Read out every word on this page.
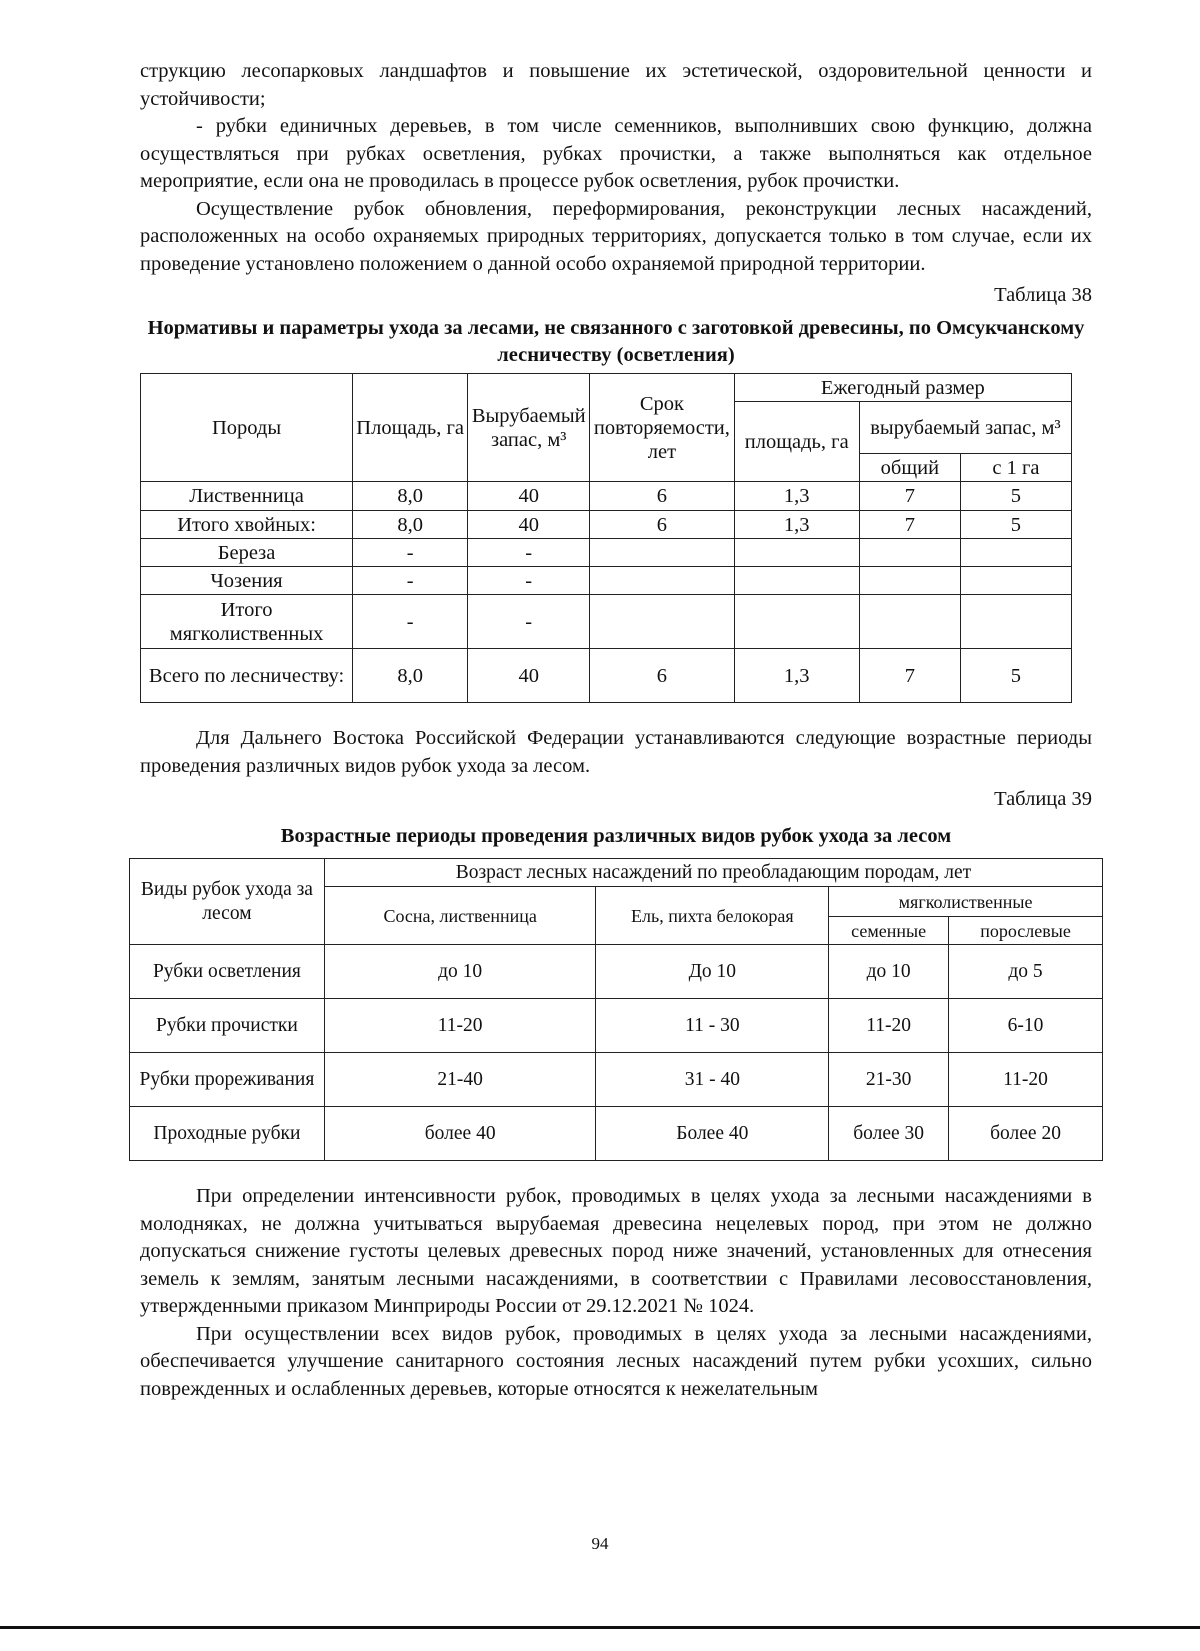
струкцию лесопарковых ландшафтов и повышение их эстетической, оздоровительной ценности и устойчивости;

- рубки единичных деревьев, в том числе семенников, выполнивших свою функцию, должна осуществляться при рубках осветления, рубках прочистки, а также выполняться как отдельное мероприятие, если она не проводилась в процессе рубок осветления, рубок прочистки.

Осуществление рубок обновления, переформирования, реконструкции лесных насаждений, расположенных на особо охраняемых природных территориях, допускается только в том случае, если их проведение установлено положением о данной особо охраняемой природной территории.

Таблица 38
Нормативы и параметры ухода за лесами, не связанного с заготовкой древесины, по Омсукчанскому лесничеству (осветления)
Породы	Площадь, га	Вырубаемый запас, м³	Срок повторяемости, лет	Ежегодный размер		
				площадь, га	вырубаемый запас, м³	
					общий	с 1 га
Лиственница	8,0	40	6	1,3	7	5
Итого хвойных:	8,0	40	6	1,3	7	5
Береза	-	-				
Чозения	-	-				
Итого мягколиственных	-	-				
Всего по лесничеству:	8,0	40	6	1,3	7	5

Для Дальнего Востока Российской Федерации устанавливаются следующие возрастные периоды проведения различных видов рубок ухода за лесом.

Таблица 39
Возрастные периоды проведения различных видов рубок ухода за лесом
Виды рубок ухода за лесом	Возраст лесных насаждений по преобладающим породам, лет			
	Сосна, лиственница	Ель, пихта белокорая	мягколиственные	
			семенные	порослевые
Рубки осветления	до 10	До 10	до 10	до 5
Рубки прочистки	11-20	11 - 30	11-20	6-10
Рубки прореживания	21-40	31 - 40	21-30	11-20
Проходные рубки	более 40	Более 40	более 30	более 20

При определении интенсивности рубок, проводимых в целях ухода за лесными насаждениями в молодняках, не должна учитываться вырубаемая древесина нецелевых пород, при этом не должно допускаться снижение густоты целевых древесных пород ниже значений, установленных для отнесения земель к землям, занятым лесными насаждениями, в соответствии с Правилами лесовосстановления, утвержденными приказом Минприроды России от 29.12.2021 № 1024.

При осуществлении всех видов рубок, проводимых в целях ухода за лесными насаждениями, обеспечивается улучшение санитарного состояния лесных насаждений путем рубки усохших, сильно поврежденных и ослабленных деревьев, которые относятся к нежелательным

94
